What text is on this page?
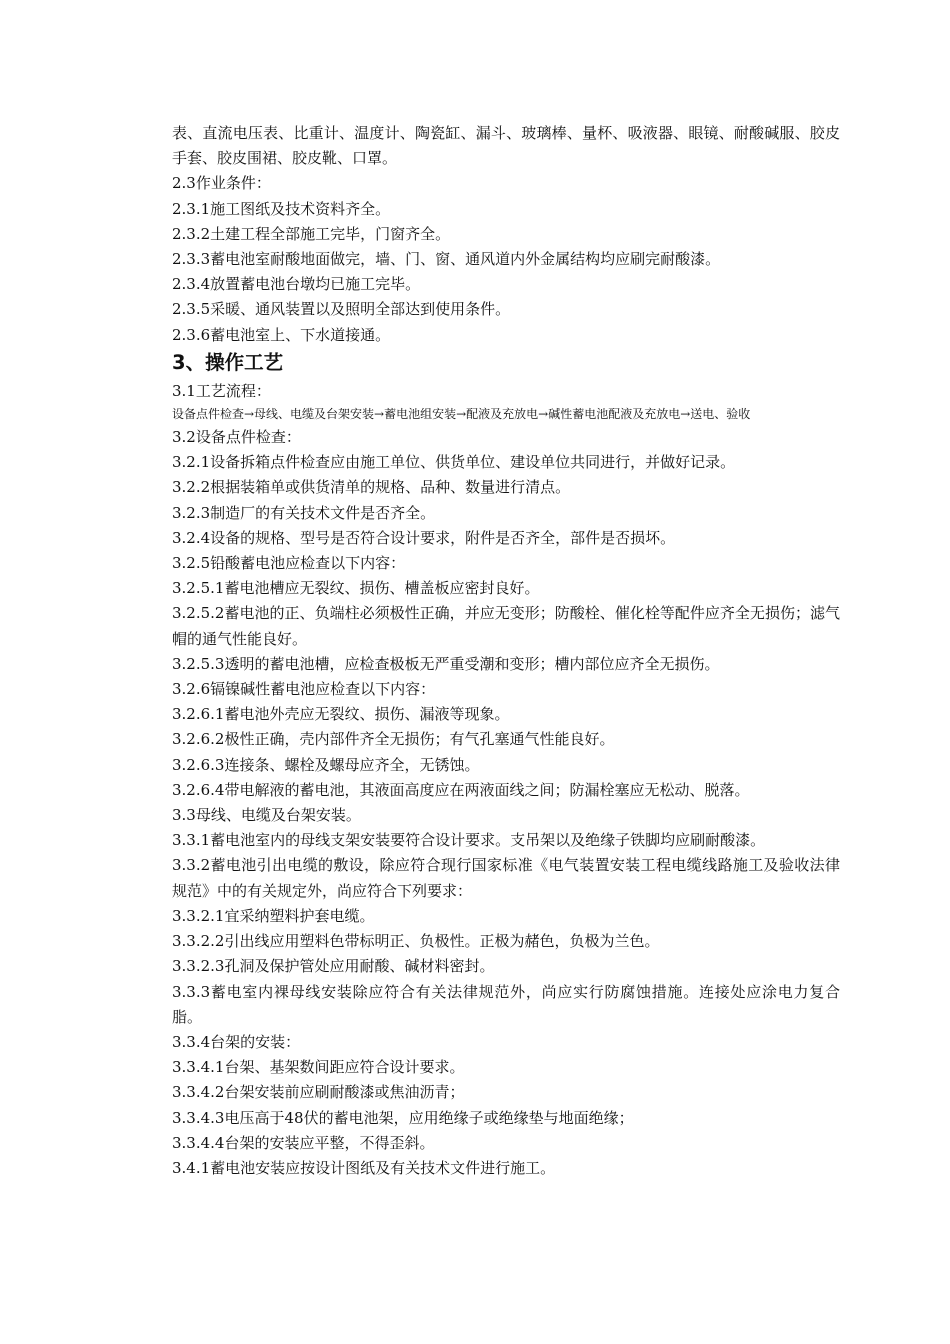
表、直流电压表、比重计、温度计、陶瓷缸、漏斗、玻璃棒、量杯、吸液器、眼镜、耐酸碱服、胶皮手套、胶皮围裙、胶皮靴、口罩。

2.3作业条件：

2.3.1施工图纸及技术资料齐全。

2.3.2土建工程全部施工完毕，门窗齐全。

2.3.3蓄电池室耐酸地面做完，墙、门、窗、通风道内外金属结构均应刷完耐酸漆。

2.3.4放置蓄电池台墩均已施工完毕。

2.3.5采暖、通风装置以及照明全部达到使用条件。

2.3.6蓄电池室上、下水道接通。

3、操作工艺

3.1工艺流程：

设备点件检查→母线、电缆及台架安装→蓄电池组安装→配液及充放电→碱性蓄电池配液及充放电→送电、验收

3.2设备点件检查：

3.2.1设备拆箱点件检查应由施工单位、供货单位、建设单位共同进行，并做好记录。

3.2.2根据装箱单或供货清单的规格、品种、数量进行清点。

3.2.3制造厂的有关技术文件是否齐全。

3.2.4设备的规格、型号是否符合设计要求，附件是否齐全，部件是否损坏。

3.2.5铅酸蓄电池应检查以下内容：

3.2.5.1蓄电池槽应无裂纹、损伤、槽盖板应密封良好。

3.2.5.2蓄电池的正、负端柱必须极性正确，并应无变形；防酸栓、催化栓等配件应齐全无损伤；滤气帽的通气性能良好。

3.2.5.3透明的蓄电池槽，应检查极板无严重受潮和变形；槽内部位应齐全无损伤。

3.2.6镉镍碱性蓄电池应检查以下内容：

3.2.6.1蓄电池外壳应无裂纹、损伤、漏液等现象。

3.2.6.2极性正确，壳内部件齐全无损伤；有气孔塞通气性能良好。

3.2.6.3连接条、螺栓及螺母应齐全，无锈蚀。

3.2.6.4带电解液的蓄电池，其液面高度应在两液面线之间；防漏栓塞应无松动、脱落。

3.3母线、电缆及台架安装。

3.3.1蓄电池室内的母线支架安装要符合设计要求。支吊架以及绝缘子铁脚均应刷耐酸漆。

3.3.2蓄电池引出电缆的敷设，除应符合现行国家标准《电气装置安装工程电缆线路施工及验收法律规范》中的有关规定外，尚应符合下列要求：

3.3.2.1宜采纳塑料护套电缆。

3.3.2.2引出线应用塑料色带标明正、负极性。正极为赭色，负极为兰色。

3.3.2.3孔洞及保护管处应用耐酸、碱材料密封。

3.3.3蓄电室内裸母线安装除应符合有关法律规范外，尚应实行防腐蚀措施。连接处应涂电力复合脂。

3.3.4台架的安装：

3.3.4.1台架、基架数间距应符合设计要求。

3.3.4.2台架安装前应刷耐酸漆或焦油沥青；

3.3.4.3电压高于48伏的蓄电池架，应用绝缘子或绝缘垫与地面绝缘；

3.3.4.4台架的安装应平整，不得歪斜。

3.4.1蓄电池安装应按设计图纸及有关技术文件进行施工。
